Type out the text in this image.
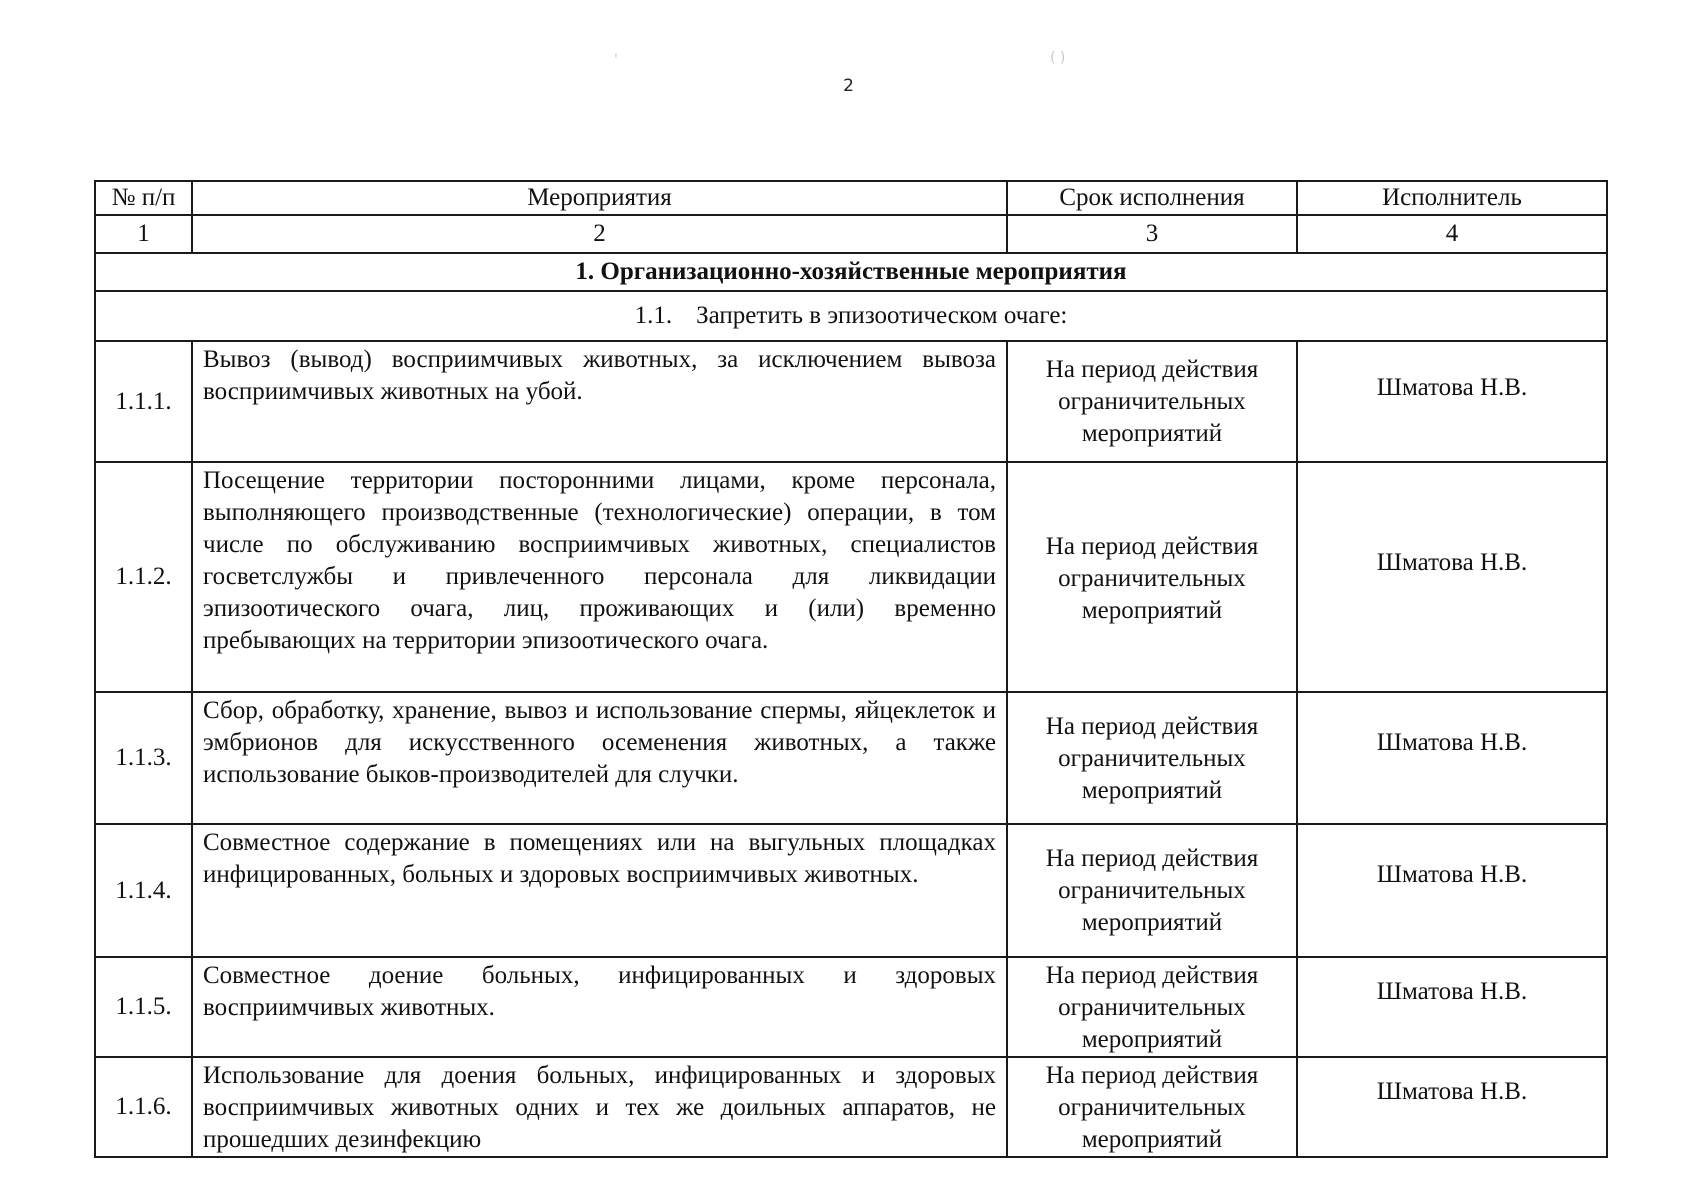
2
'	( )
№ п/п	Мероприятия	Срок исполнения	Исполнитель
1	2	3	4
1. Организационно-хозяйственные мероприятия			
1.1. Запретить в эпизоотическом очаге:			
1.1.1.	Вывоз (вывод) восприимчивых животных, за исключением вывоза восприимчивых животных на убой.	На период действия ограничительных мероприятий	Шматова Н.В.
1.1.2.	Посещение территории посторонними лицами, кроме персонала, выполняющего производственные (технологические) операции, в том числе по обслуживанию восприимчивых животных, специалистов госветслужбы и привлеченного персонала для ликвидации эпизоотического очага, лиц, проживающих и (или) временно пребывающих на территории эпизоотического очага.	На период действия ограничительных мероприятий	Шматова Н.В.
1.1.3.	Сбор, обработку, хранение, вывоз и использование спермы, яйцеклеток и эмбрионов для искусственного осеменения животных, а также использование быков-производителей для случки.	На период действия ограничительных мероприятий	Шматова Н.В.
1.1.4.	Совместное содержание в помещениях или на выгульных площадках инфицированных, больных и здоровых восприимчивых животных.	На период действия ограничительных мероприятий	Шматова Н.В.
1.1.5.	Совместное доение больных, инфицированных и здоровых восприимчивых животных.	На период действия ограничительных мероприятий	Шматова Н.В.
1.1.6.	Использование для доения больных, инфицированных и здоровых восприимчивых животных одних и тех же доильных аппаратов, не прошедших дезинфекцию	На период действия ограничительных мероприятий	Шматова Н.В.
